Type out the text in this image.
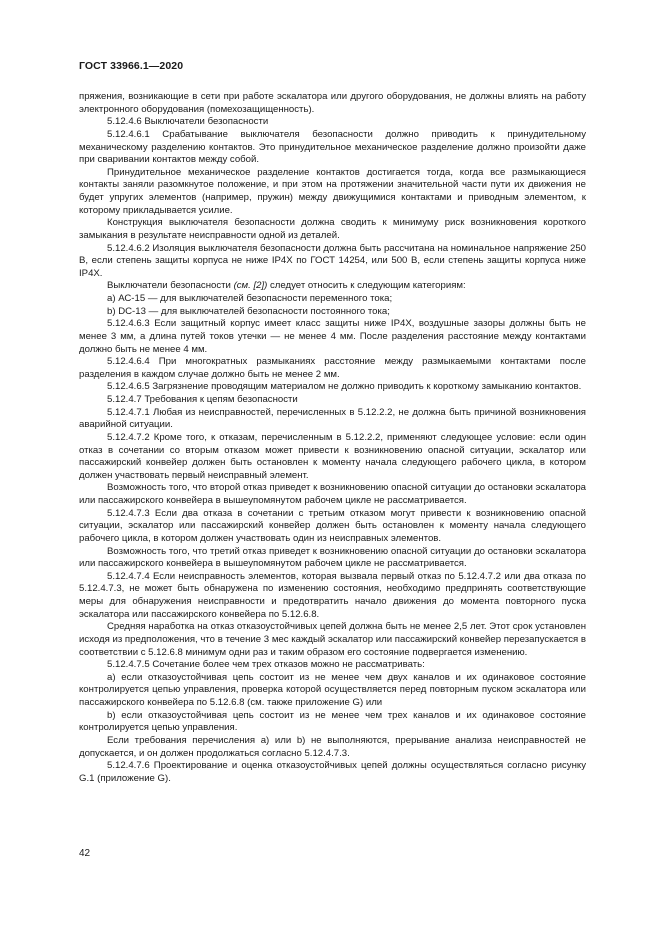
ГОСТ 33966.1—2020

пряжения, возникающие в сети при работе эскалатора или другого оборудования, не должны влиять на работу электронного оборудования (помехозащищенность).

5.12.4.6 Выключатели безопасности

5.12.4.6.1 Срабатывание выключателя безопасности должно приводить к принудительному механическому разделению контактов. Это принудительное механическое разделение должно произойти даже при сваривании контактов между собой.

Принудительное механическое разделение контактов достигается тогда, когда все размыкающиеся контакты заняли разомкнутое положение, и при этом на протяжении значительной части пути их движения не будет упругих элементов (например, пружин) между движущимися контактами и приводным элементом, к которому прикладывается усилие.

Конструкция выключателя безопасности должна сводить к минимуму риск возникновения короткого замыкания в результате неисправности одной из деталей.

5.12.4.6.2 Изоляция выключателя безопасности должна быть рассчитана на номинальное напряжение 250 В, если степень защиты корпуса не ниже IP4X по ГОСТ 14254, или 500 В, если степень защиты корпуса ниже IP4X.

Выключатели безопасности (см. [2]) следует относить к следующим категориям:

a) АС-15 — для выключателей безопасности переменного тока;

b) DC-13 — для выключателей безопасности постоянного тока;

5.12.4.6.3 Если защитный корпус имеет класс защиты ниже IP4X, воздушные зазоры должны быть не менее 3 мм, а длина путей токов утечки — не менее 4 мм. После разделения расстояние между контактами должно быть не менее 4 мм.

5.12.4.6.4 При многократных размыканиях расстояние между размыкаемыми контактами после разделения в каждом случае должно быть не менее 2 мм.

5.12.4.6.5 Загрязнение проводящим материалом не должно приводить к короткому замыканию контактов.

5.12.4.7 Требования к цепям безопасности

5.12.4.7.1 Любая из неисправностей, перечисленных в 5.12.2.2, не должна быть причиной возникновения аварийной ситуации.

5.12.4.7.2 Кроме того, к отказам, перечисленным в 5.12.2.2, применяют следующее условие: если один отказ в сочетании со вторым отказом может привести к возникновению опасной ситуации, эскалатор или пассажирский конвейер должен быть остановлен к моменту начала следующего рабочего цикла, в котором должен участвовать первый неисправный элемент.

Возможность того, что второй отказ приведет к возникновению опасной ситуации до остановки эскалатора или пассажирского конвейера в вышеупомянутом рабочем цикле не рассматривается.

5.12.4.7.3 Если два отказа в сочетании с третьим отказом могут привести к возникновению опасной ситуации, эскалатор или пассажирский конвейер должен быть остановлен к моменту начала следующего рабочего цикла, в котором должен участвовать один из неисправных элементов.

Возможность того, что третий отказ приведет к возникновению опасной ситуации до остановки эскалатора или пассажирского конвейера в вышеупомянутом рабочем цикле не рассматривается.

5.12.4.7.4 Если неисправность элементов, которая вызвала первый отказ по 5.12.4.7.2 или два отказа по 5.12.4.7.3, не может быть обнаружена по изменению состояния, необходимо предпринять соответствующие меры для обнаружения неисправности и предотвратить начало движения до момента повторного пуска эскалатора или пассажирского конвейера по 5.12.6.8.

Средняя наработка на отказ отказоустойчивых цепей должна быть не менее 2,5 лет. Этот срок установлен исходя из предположения, что в течение 3 мес каждый эскалатор или пассажирский конвейер перезапускается в соответствии с 5.12.6.8 минимум одни раз и таким образом его состояние подвергается изменению.

5.12.4.7.5 Сочетание более чем трех отказов можно не рассматривать:

a) если отказоустойчивая цепь состоит из не менее чем двух каналов и их одинаковое состояние контролируется цепью управления, проверка которой осуществляется перед повторным пуском эскалатора или пассажирского конвейера по 5.12.6.8 (см. также приложение G) или

b) если отказоустойчивая цепь состоит из не менее чем трех каналов и их одинаковое состояние контролируется цепью управления.

Если требования перечисления а) или b) не выполняются, прерывание анализа неисправностей не допускается, и он должен продолжаться согласно 5.12.4.7.3.

5.12.4.7.6 Проектирование и оценка отказоустойчивых цепей должны осуществляться согласно рисунку G.1 (приложение G).

42
